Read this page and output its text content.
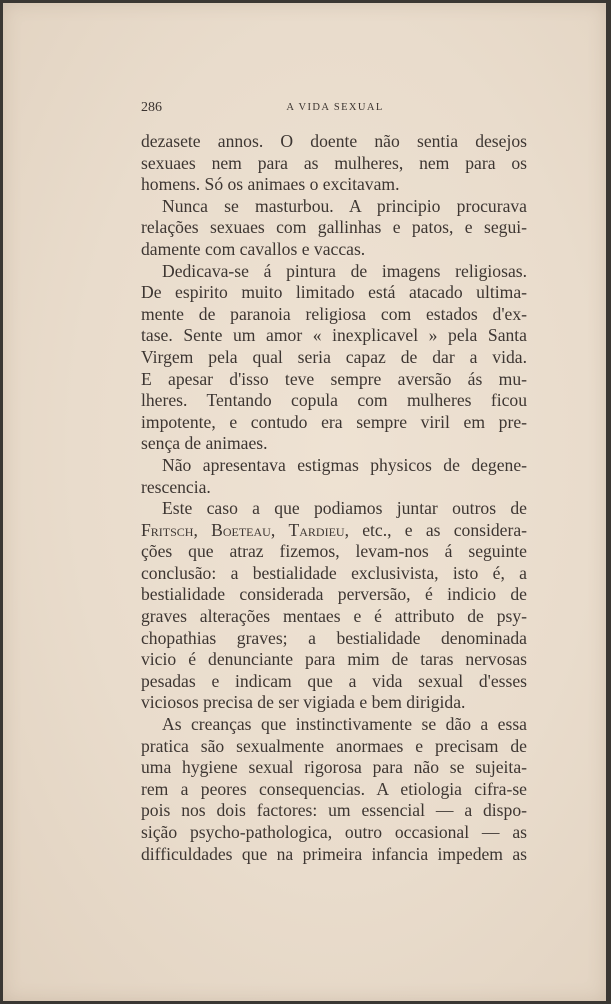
286	A VIDA SEXUAL
dezasete annos. O doente não sentia desejos
sexuaes nem para as mulheres, nem para os
homens. Só os animaes o excitavam.
Nunca se masturbou. A principio procurava
relações sexuaes com gallinhas e patos, e segui-
damente com cavallos e vaccas.
Dedicava-se á pintura de imagens religiosas.
De espirito muito limitado está atacado ultima-
mente de paranoia religiosa com estados d'ex-
tase. Sente um amor « inexplicavel » pela Santa
Virgem pela qual seria capaz de dar a vida.
E apesar d'isso teve sempre aversão ás mu-
lheres. Tentando copula com mulheres ficou
impotente, e contudo era sempre viril em pre-
sença de animaes.
Não apresentava estigmas physicos de degene-
rescencia.
Este caso a que podiamos juntar outros de
Fritsch, Boeteau, Tardieu, etc., e as considera-
ções que atraz fizemos, levam-nos á seguinte
conclusão: a bestialidade exclusivista, isto é, a
bestialidade considerada perversão, é indicio de
graves alterações mentaes e é attributo de psy-
chopathias graves; a bestialidade denominada
vicio é denunciante para mim de taras nervosas
pesadas e indicam que a vida sexual d'esses
viciosos precisa de ser vigiada e bem dirigida.
As creanças que instinctivamente se dão a essa
pratica são sexualmente anormaes e precisam de
uma hygiene sexual rigorosa para não se sujeita-
rem a peores consequencias. A etiologia cifra-se
pois nos dois factores: um essencial — a dispo-
sição psycho-pathologica, outro occasional — as
difficuldades que na primeira infancia impedem as
